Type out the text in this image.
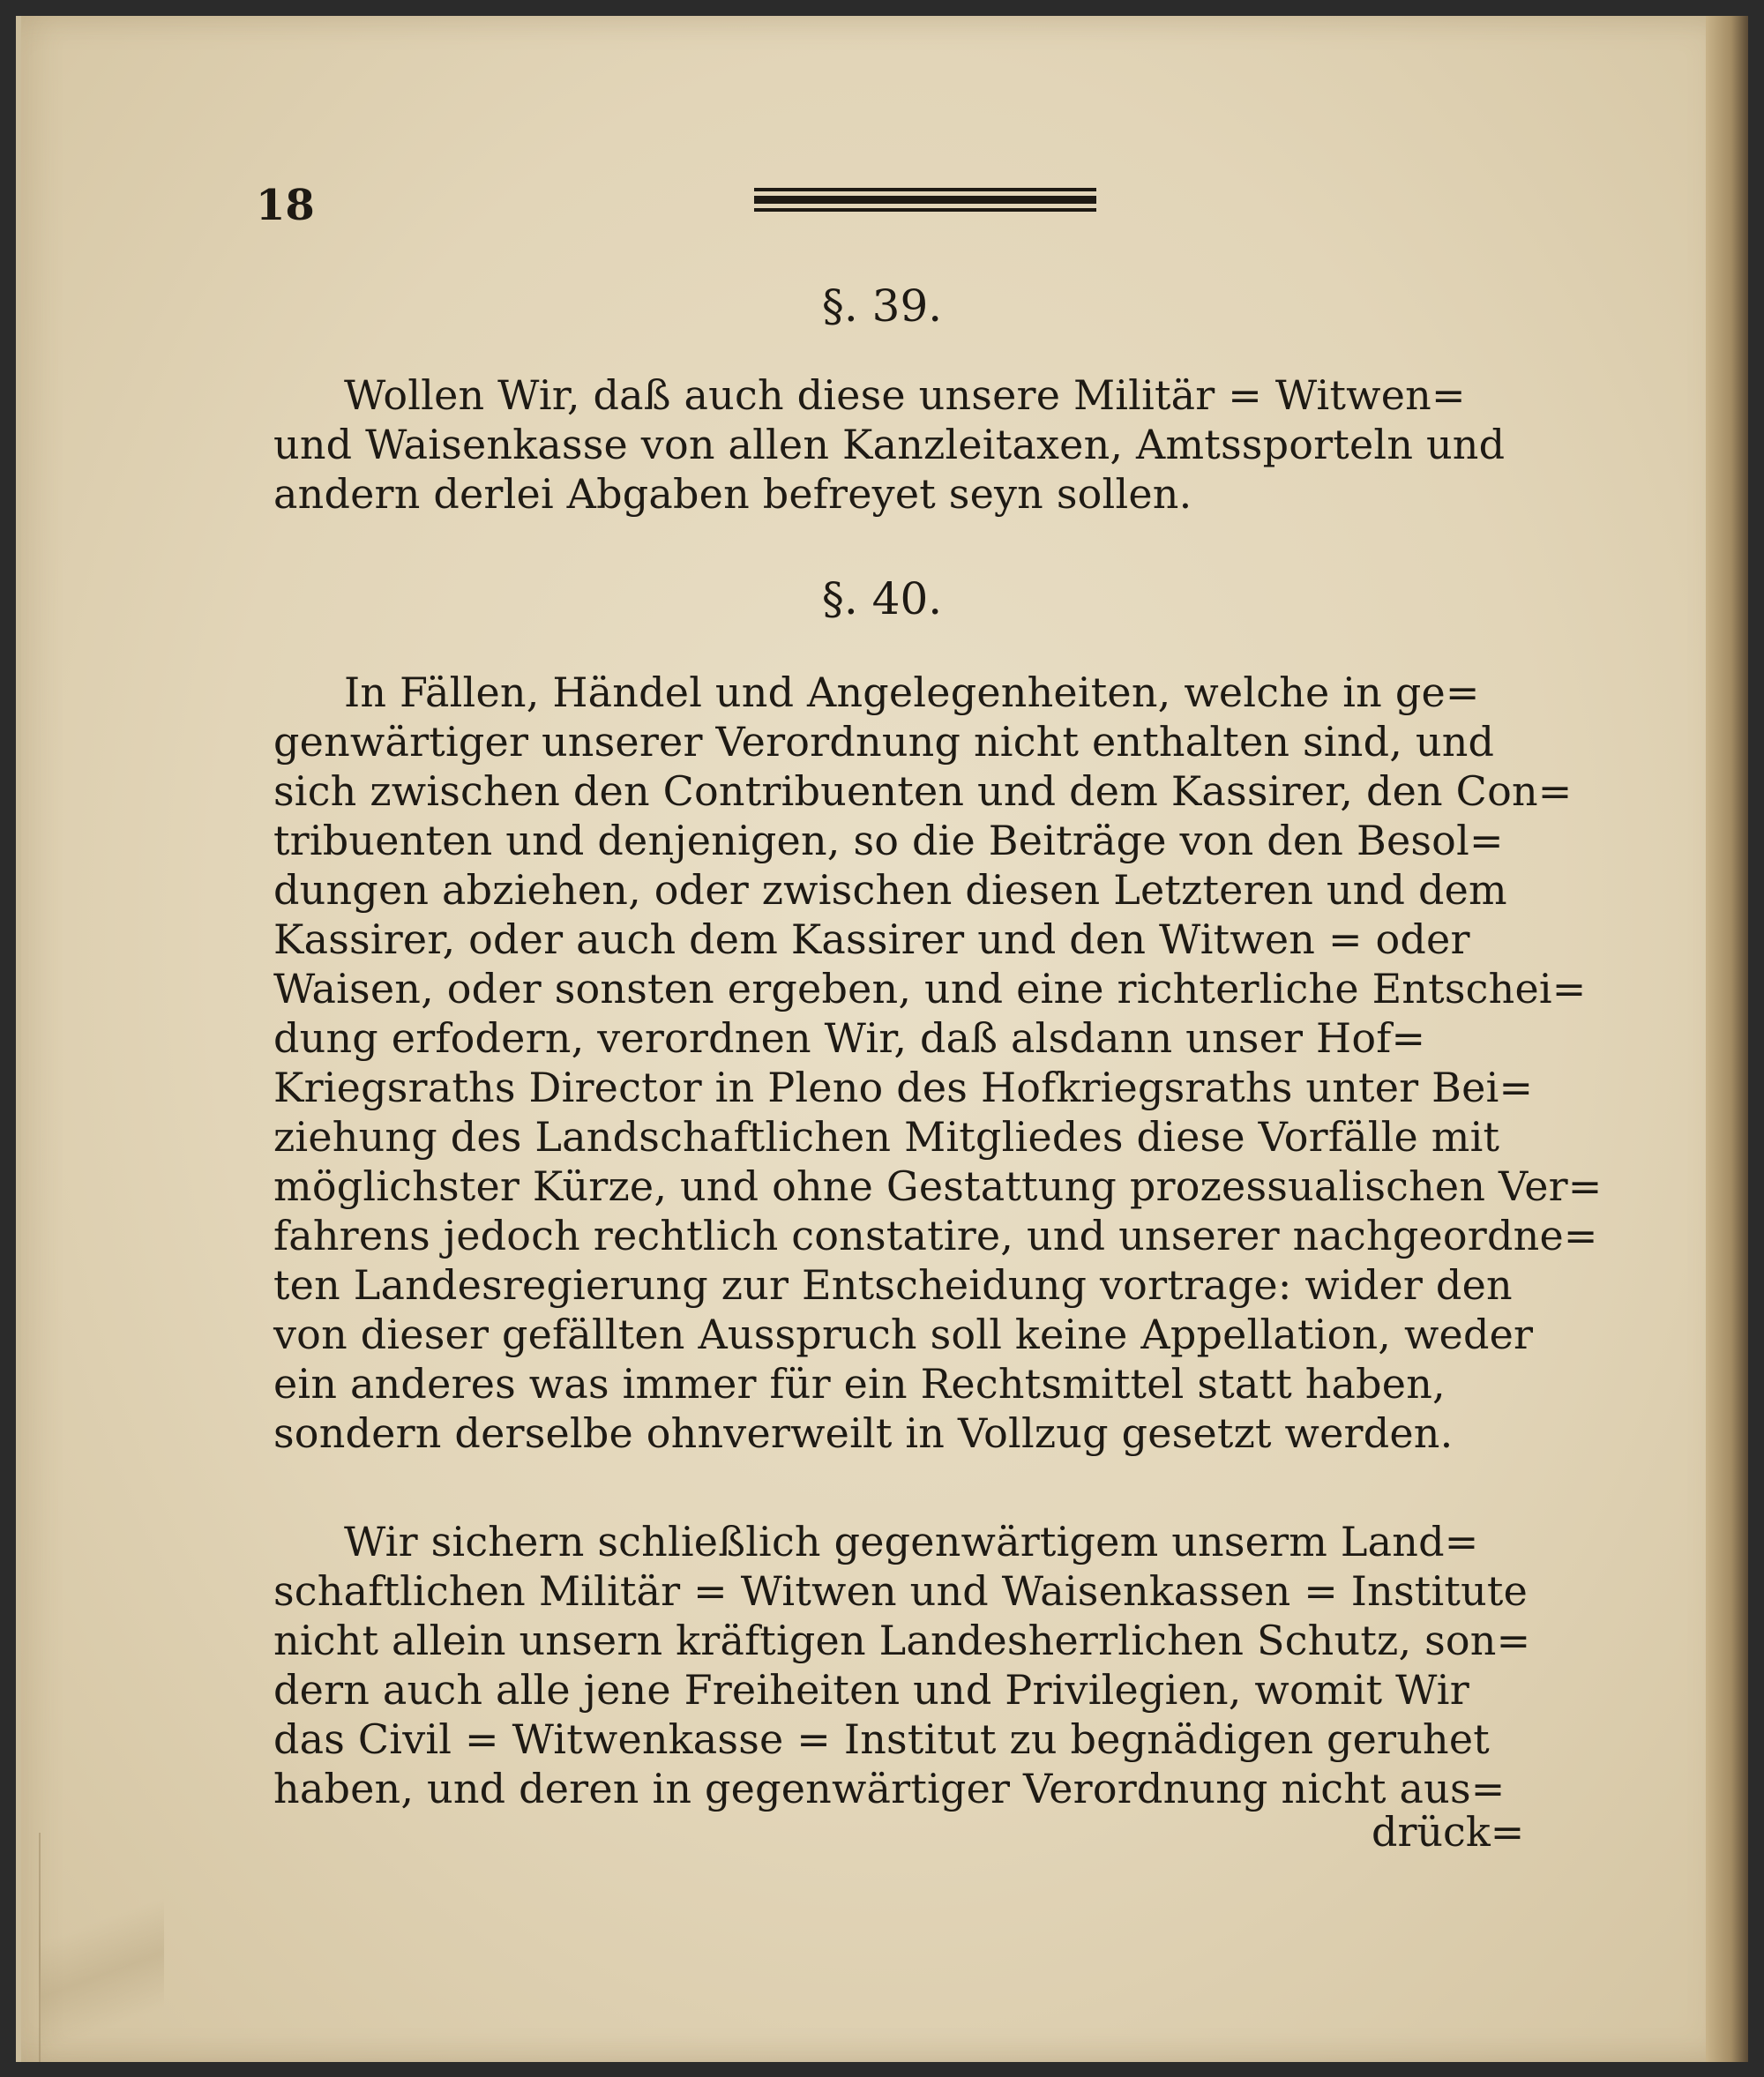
18
§. 39.
Wollen Wir, daß auch diese unsere Militär = Witwen=
und Waisenkasse von allen Kanzleitaxen, Amtssporteln und
andern derlei Abgaben befreyet seyn sollen.
§. 40.
In Fällen, Händel und Angelegenheiten, welche in ge=
genwärtiger unserer Verordnung nicht enthalten sind, und
sich zwischen den Contribuenten und dem Kassirer, den Con=
tribuenten und denjenigen, so die Beiträge von den Besol=
dungen abziehen, oder zwischen diesen Letzteren und dem
Kassirer, oder auch dem Kassirer und den Witwen = oder
Waisen, oder sonsten ergeben, und eine richterliche Entschei=
dung erfodern, verordnen Wir, daß alsdann unser Hof=
Kriegsraths Director in Pleno des Hofkriegsraths unter Bei=
ziehung des Landschaftlichen Mitgliedes diese Vorfälle mit
möglichster Kürze, und ohne Gestattung prozessualischen Ver=
fahrens jedoch rechtlich constatire, und unserer nachgeordne=
ten Landesregierung zur Entscheidung vortrage: wider den
von dieser gefällten Ausspruch soll keine Appellation, weder
ein anderes was immer für ein Rechtsmittel statt haben,
sondern derselbe ohnverweilt in Vollzug gesetzt werden.
Wir sichern schließlich gegenwärtigem unserm Land=
schaftlichen Militär = Witwen und Waisenkassen = Institute
nicht allein unsern kräftigen Landesherrlichen Schutz, son=
dern auch alle jene Freiheiten und Privilegien, womit Wir
das Civil = Witwenkasse = Institut zu begnädigen geruhet
haben, und deren in gegenwärtiger Verordnung nicht aus=
drück=
